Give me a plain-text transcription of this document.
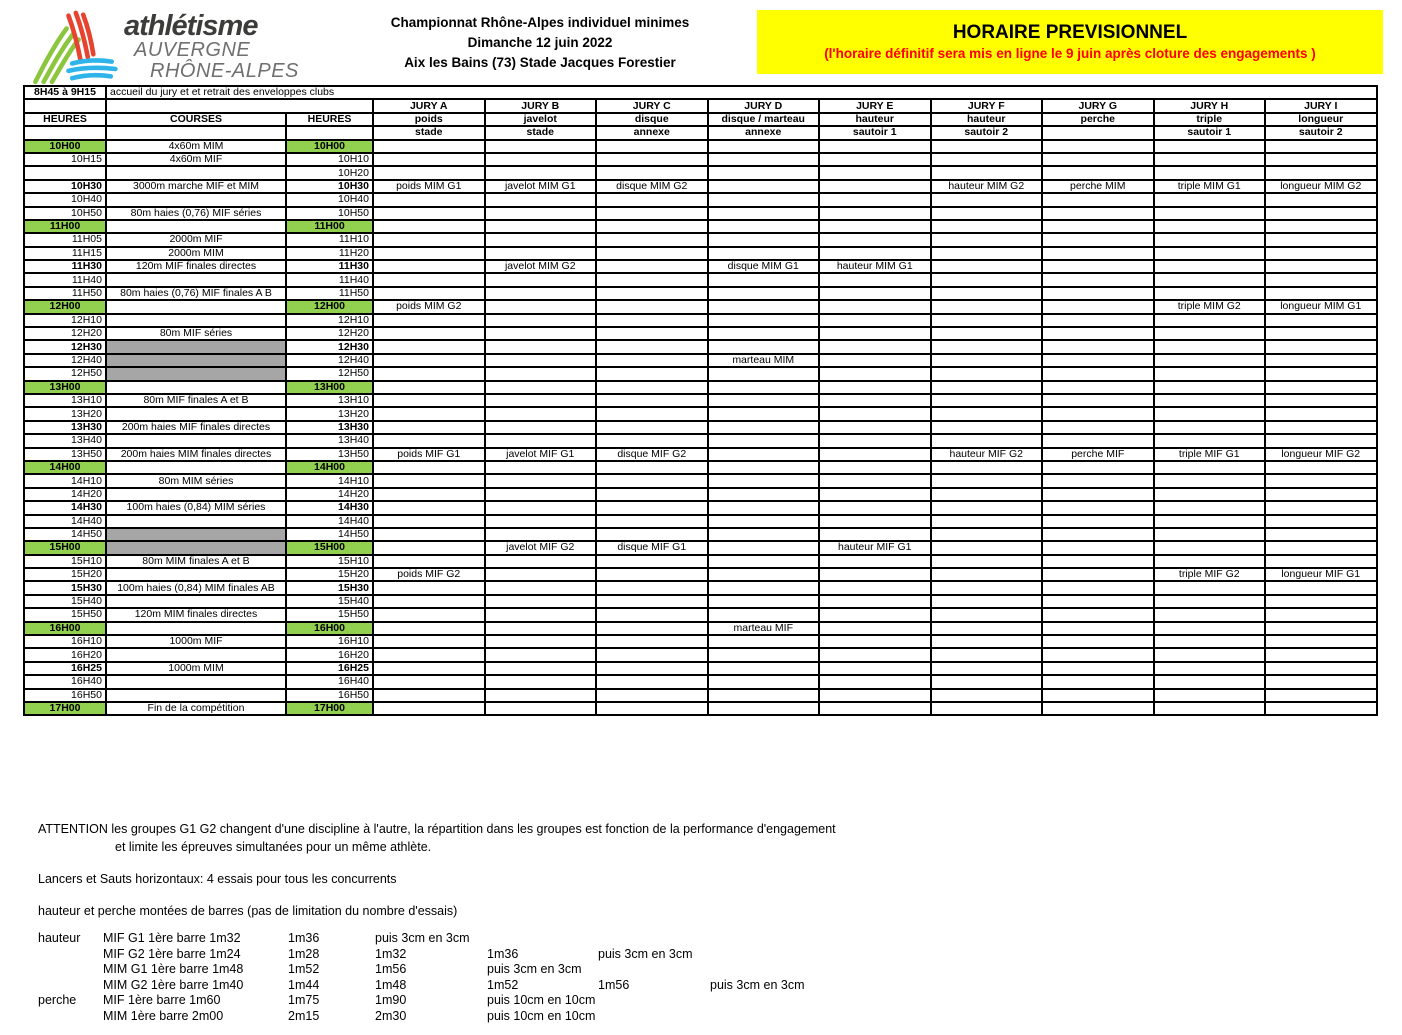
athlétisme
AUVERGNE
RHÔNE-ALPES
Championnat Rhône-Alpes individuel minimes
Dimanche 12 juin 2022
Aix les Bains (73) Stade Jacques Forestier
HORAIRE PREVISIONNEL
(l'horaire définitif sera mis en ligne le 9 juin après cloture des engagements )
8H45 à 9H15	accueil du jury et et retrait des enveloppes clubs										
			JURY A	JURY B	JURY C	JURY D	JURY E	JURY F	JURY G	JURY H	JURY I
HEURES	COURSES	HEURES	poids	javelot	disque	disque / marteau	hauteur	hauteur	perche	triple	longueur
			stade	stade	annexe	annexe	sautoir 1	sautoir 2		sautoir 1	sautoir 2
10H00	4x60m MIM	10H00									
10H15	4x60m MIF	10H10									
		10H20									
10H30	3000m marche MIF et MIM	10H30	poids MIM G1	javelot MIM G1	disque MIM G2			hauteur MIM G2	perche MIM	triple MIM G1	longueur MIM G2
10H40		10H40									
10H50	80m haies (0,76) MIF séries	10H50									
11H00		11H00									
11H05	2000m MIF	11H10									
11H15	2000m MIM	11H20									
11H30	120m MIF finales directes	11H30		javelot MIM G2		disque MIM G1	hauteur MIM G1				
11H40		11H40									
11H50	80m haies (0,76) MIF finales A B	11H50									
12H00		12H00	poids MIM G2							triple MIM G2	longueur MIM G1
12H10		12H10									
12H20	80m MIF séries	12H20									
12H30		12H30									
12H40		12H40				marteau MIM					
12H50		12H50									
13H00		13H00									
13H10	80m MIF finales A et B	13H10									
13H20		13H20									
13H30	200m haies MIF finales directes	13H30									
13H40		13H40									
13H50	200m haies MIM finales directes	13H50	poids MIF G1	javelot MIF G1	disque MIF G2			hauteur MIF G2	perche MIF	triple MIF G1	longueur MIF G2
14H00		14H00									
14H10	80m MIM séries	14H10									
14H20		14H20									
14H30	100m haies (0,84) MIM séries	14H30									
14H40		14H40									
14H50		14H50									
15H00		15H00		javelot MIF G2	disque MIF G1		hauteur MIF G1				
15H10	80m MIM finales A et B	15H10									
15H20		15H20	poids MIF G2							triple MIF G2	longueur MIF G1
15H30	100m haies (0,84) MIM finales AB	15H30									
15H40		15H40									
15H50	120m MIM finales directes	15H50									
16H00		16H00				marteau MIF					
16H10	1000m MIF	16H10									
16H20		16H20									
16H25	1000m MIM	16H25									
16H40		16H40									
16H50		16H50									
17H00	Fin de la compétition	17H00									
ATTENTION les groupes G1 G2 changent d'une discipline à l'autre, la répartition dans les groupes est fonction de la performance d'engagement
et limite les épreuves simultanées pour un même athlète.
Lancers et Sauts horizontaux: 4 essais pour tous les concurrents
hauteur et perche montées de barres (pas de limitation du nombre d'essais)
hauteur	MIF G1 1ère barre 1m32	1m36	puis 3cm en 3cm
MIF G2 1ère barre 1m24	1m28	1m32	1m36	puis 3cm en 3cm
MIM G1 1ère barre 1m48	1m52	1m56	puis 3cm en 3cm
MIM G2 1ère barre 1m40	1m44	1m48	1m52	1m56	puis 3cm en 3cm
perche	MIF 1ère barre 1m60	1m75	1m90	puis 10cm en 10cm
MIM 1ère barre 2m00	2m15	2m30	puis 10cm en 10cm
